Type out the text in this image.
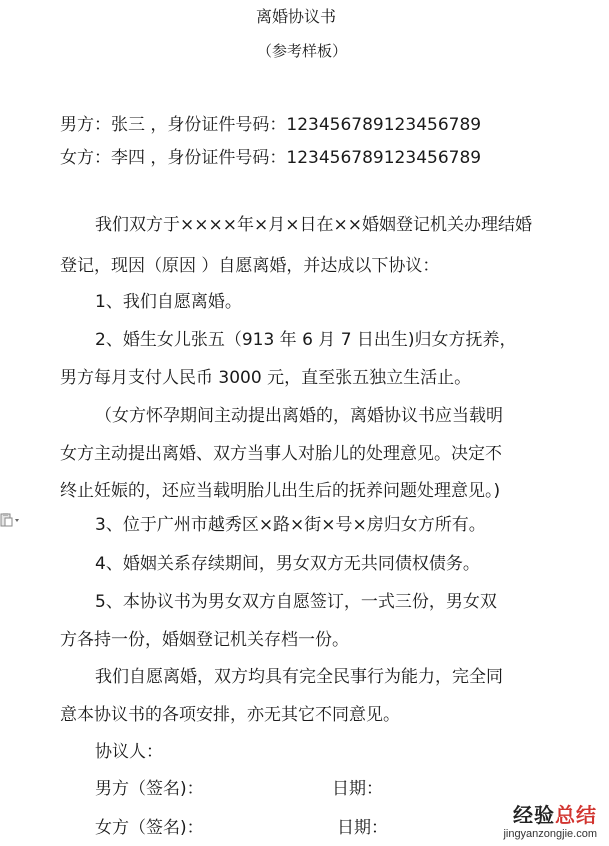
离婚协议书
（参考样板）
男方：张三 ，身份证件号码：123456789123456789
女方：李四 ，身份证件号码：123456789123456789
我们双方于××××年×月×日在××婚姻登记机关办理结婚
登记，现因（原因 ）自愿离婚，并达成以下协议：
1、我们自愿离婚。
2、婚生女儿张五（913 年 6 月 7 日出生)归女方抚养，
男方每月支付人民币 3000 元，直至张五独立生活止。
（女方怀孕期间主动提出离婚的，离婚协议书应当载明
女方主动提出离婚、双方当事人对胎儿的处理意见。决定不
终止妊娠的，还应当载明胎儿出生后的抚养问题处理意见。)
3、位于广州市越秀区×路×街×号×房归女方所有。
4、婚姻关系存续期间，男女双方无共同债权债务。
5、本协议书为男女双方自愿签订，一式三份，男女双
方各持一份，婚姻登记机关存档一份。
我们自愿离婚，双方均具有完全民事行为能力，完全同
意本协议书的各项安排，亦无其它不同意见。
协议人：
男方（签名)：	日期：
女方（签名)：	日期：
经验总结
jingyanzongjie.com
